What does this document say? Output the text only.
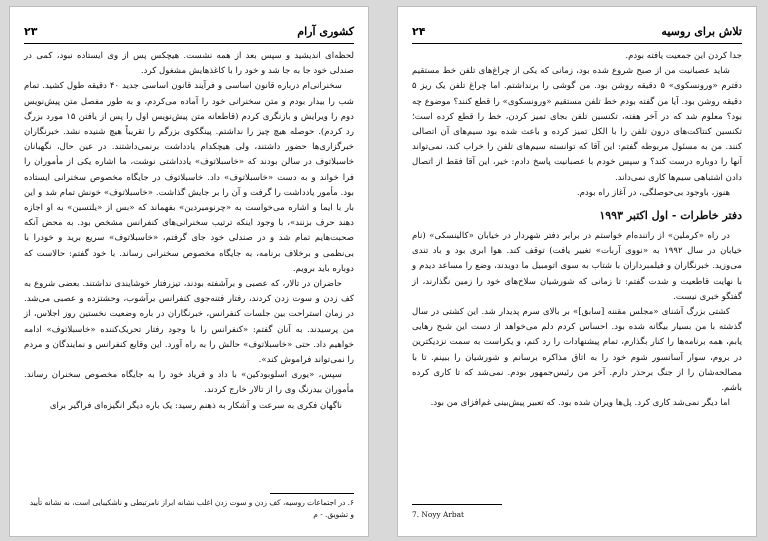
۲۳	کشوری آرام

لحظه‌ای اندیشید و سپس بعد از همه نشست. هیچکس پس از وی ایستاده نبود، کمی در صندلی خود جا به جا شد و خود را با کاغذهایش مشغول کرد.

سخنرانی‌ام درباره قانون اساسی و فرآیند قانون اساسی جدید ۴۰ دقیقه طول کشید. تمام شب را بیدار بودم و متن سخنرانی خود را آماده می‌کردم، و به طور مفصل متن پیش‌نویس دوم را ویرایش و بازنگری کردم (قاطعانه متن پیش‌نویس اول را پس از یافتن ۱۵ مورد بزرگ رد کردم). حوصله هیچ چیز را نداشتم. پینگکوی بزرگم را تقریباً هیچ شنیده نشد. خبرنگاران خبرگزاری‌ها حضور داشتند، ولی هیچکدام یادداشت برنمی‌داشتند. در عین حال، نگهبانان خاسبلاتوف در سالن بودند که «خاسبلاتوف» یادداشتی نوشت، ما اشاره یکی از مأموران را فرا خواند و به دست «خاسبلاتوف» داد. خاسبلاتوف در جایگاه مخصوص سخنرانی ایستاده بود. مأمور یادداشت را گرفت و آن را بر جایش گذاشت. «خاسبلاتوف» خونش تمام شد و این بار با ایما و اشاره می‌خواست به «چرنومیردین» بفهماند که «بس از «یلتسین» به او اجازه دهند حرف بزنند»، با وجود اینکه ترتیب سخنرانی‌های کنفرانس مشخص بود. به محض آنکه صحبت‌هایم تمام شد و در صندلی خود جای گرفتم، «خاسبلاتوف» سریع برید و خودرا با بی‌نظمی و برخلاف برنامه، به جایگاه مخصوص سخنرانی رساند. با خود گفتم: حالاست که دوباره باید برویم.

حاضران در تالار، که عصبی و برآشفته بودند، تیزرفتار خوشایندی نداشتند. بعضی شروع به کف زدن و سوت زدن کردند، رفتار فتنه‌جوی کنفرانس برآشوب، وحشتزده و عصبی می‌شد. در زمان استراحت بین جلسات کنفرانس، خبرنگاران در باره وضعیت نخستین روز اجلاس، از من پرسیدند. به آنان گفتم: «کنفرانس را با وجود رفتار تحریک‌کننده «خاسبلاتوف» ادامه خواهیم داد. حتی «خاسبلاتوف» حالش را به راه آورد. این وقایع کنفرانس و نمایندگان و مردم را نمی‌تواند فراموش کند».

سپس، «یوری اسلوبودکین» با داد و فریاد خود را به جایگاه مخصوص سخنران رساند. مأموران بیدرنگ وی را از تالار خارج کردند.

ناگهان فکری به سرعت و آشکار به ذهنم رسید: یک باره دیگر انگیزه‌ای فراگیر برای

۶. در اجتماعات روسیه، کف زدن و سوت زدن اغلب نشانه ابراز نامرتبطی و ناشکیبایی است، نه نشانه تأیید و تشویق. - م
۲۴	تلاش برای روسیه

جدا کردن این جمعیت یافته بودم.

شاید عصبانیت من از صبح شروع شده بود، زمانی که یکی از چراغ‌های تلفن خط مستقیم دفترم «ورونسکوی» ۵ دقیقه روشن بود. من گوشی را برنداشتم. اما چراغ تلفن یک ریز ۵ دقیقه روشن بود. آیا من گفته بودم خط تلفن مستقیم «ورونسکوی» را قطع کنند؟ موضوع چه بود؟ معلوم شد که در آخر هفته، تکنسین تلفن بجای تمیز کردن، خط را قطع کرده است؛ تکنسین کنتاکت‌های درون تلفن را با الکل تمیز کرده و باعث شده بود سیم‌های آن اتصالی کنند. من به مسئول مربوطه گفتم: این آقا که توانسته سیم‌های تلفن را خراب کند، نمی‌تواند آنها را دوباره درست کند؟ و سپس خودم با عصبانیت پاسخ دادم: خیر، این آقا فقط از اتصال دادن اشتباهی سیم‌ها کاری نمی‌داند.

هنوز، باوجود بی‌حوصلگی، در آغاز راه بودم.

دفتر خاطرات - اول اکتبر ۱۹۹۳

در راه «کرملین» از راننده‌ام خواستم در برابر دفتر شهردار در خیابان «کالینسکی» (نام خیابان در سال ۱۹۹۲ به «نووی آربات» تغییر یافت) توقف کند. هوا ابری بود و باد تندی می‌وزید. خبرنگاران و فیلمبرداران با شتاب به سوی اتومبیل ما دویدند، وضع را مساعد دیدم و با نهایت قاطعیت و شدت گفتم: تا زمانی که شورشیان سلاح‌های خود را زمین نگذارند، از گفتگو خبری نیست.

کشتی بزرگ آشنای «مجلس مقننه [سابق]» بر بالای سرم پدیدار شد. این کشتی در سال گذشته با من بسیار بیگانه شده بود. احساس کردم دلم می‌خواهد از دست این شبح رهایی یابم، همه برنامه‌ها را کنار بگذارم، تمام پیشنهادات را رد کنم، و یکراست به سمت نزدیکترین در بروم، سوار آسانسور شوم خود را به اتاق مذاکره برسانم و شورشیان را ببینم. تا با مصالحه‌شان را از جنگ برحذر دارم. آخر من رئیس‌جمهور بودم. نمی‌شد که تا کاری کرده باشم.

اما دیگر نمی‌شد کاری کرد. پل‌ها ویران شده بود. که تعبیر پیش‌بینی غم‌افزای من بود.

7. Noyy Arbat
